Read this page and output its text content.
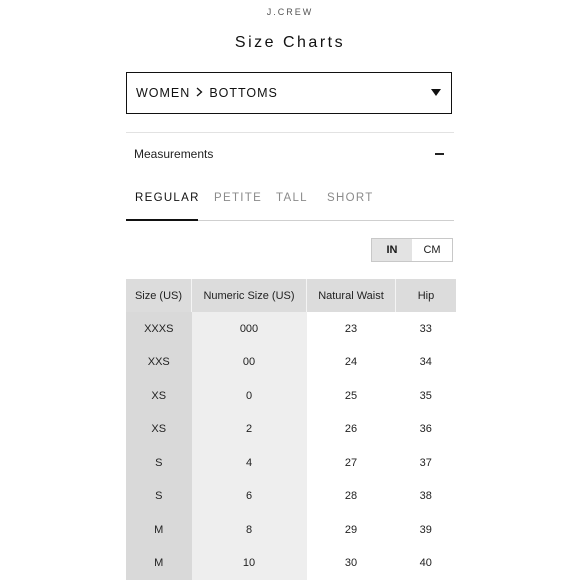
J.CREW
Size Charts
WOMEN BOTTOMS
Measurements
REGULAR PETITE TALL SHORT
IN	CM
Size (US)	Numeric Size (US)	Natural Waist	Hip
XXXS	000	23	33
XXS	00	24	34
XS	0	25	35
XS	2	26	36
S	4	27	37
S	6	28	38
M	8	29	39
M	10	30	40
